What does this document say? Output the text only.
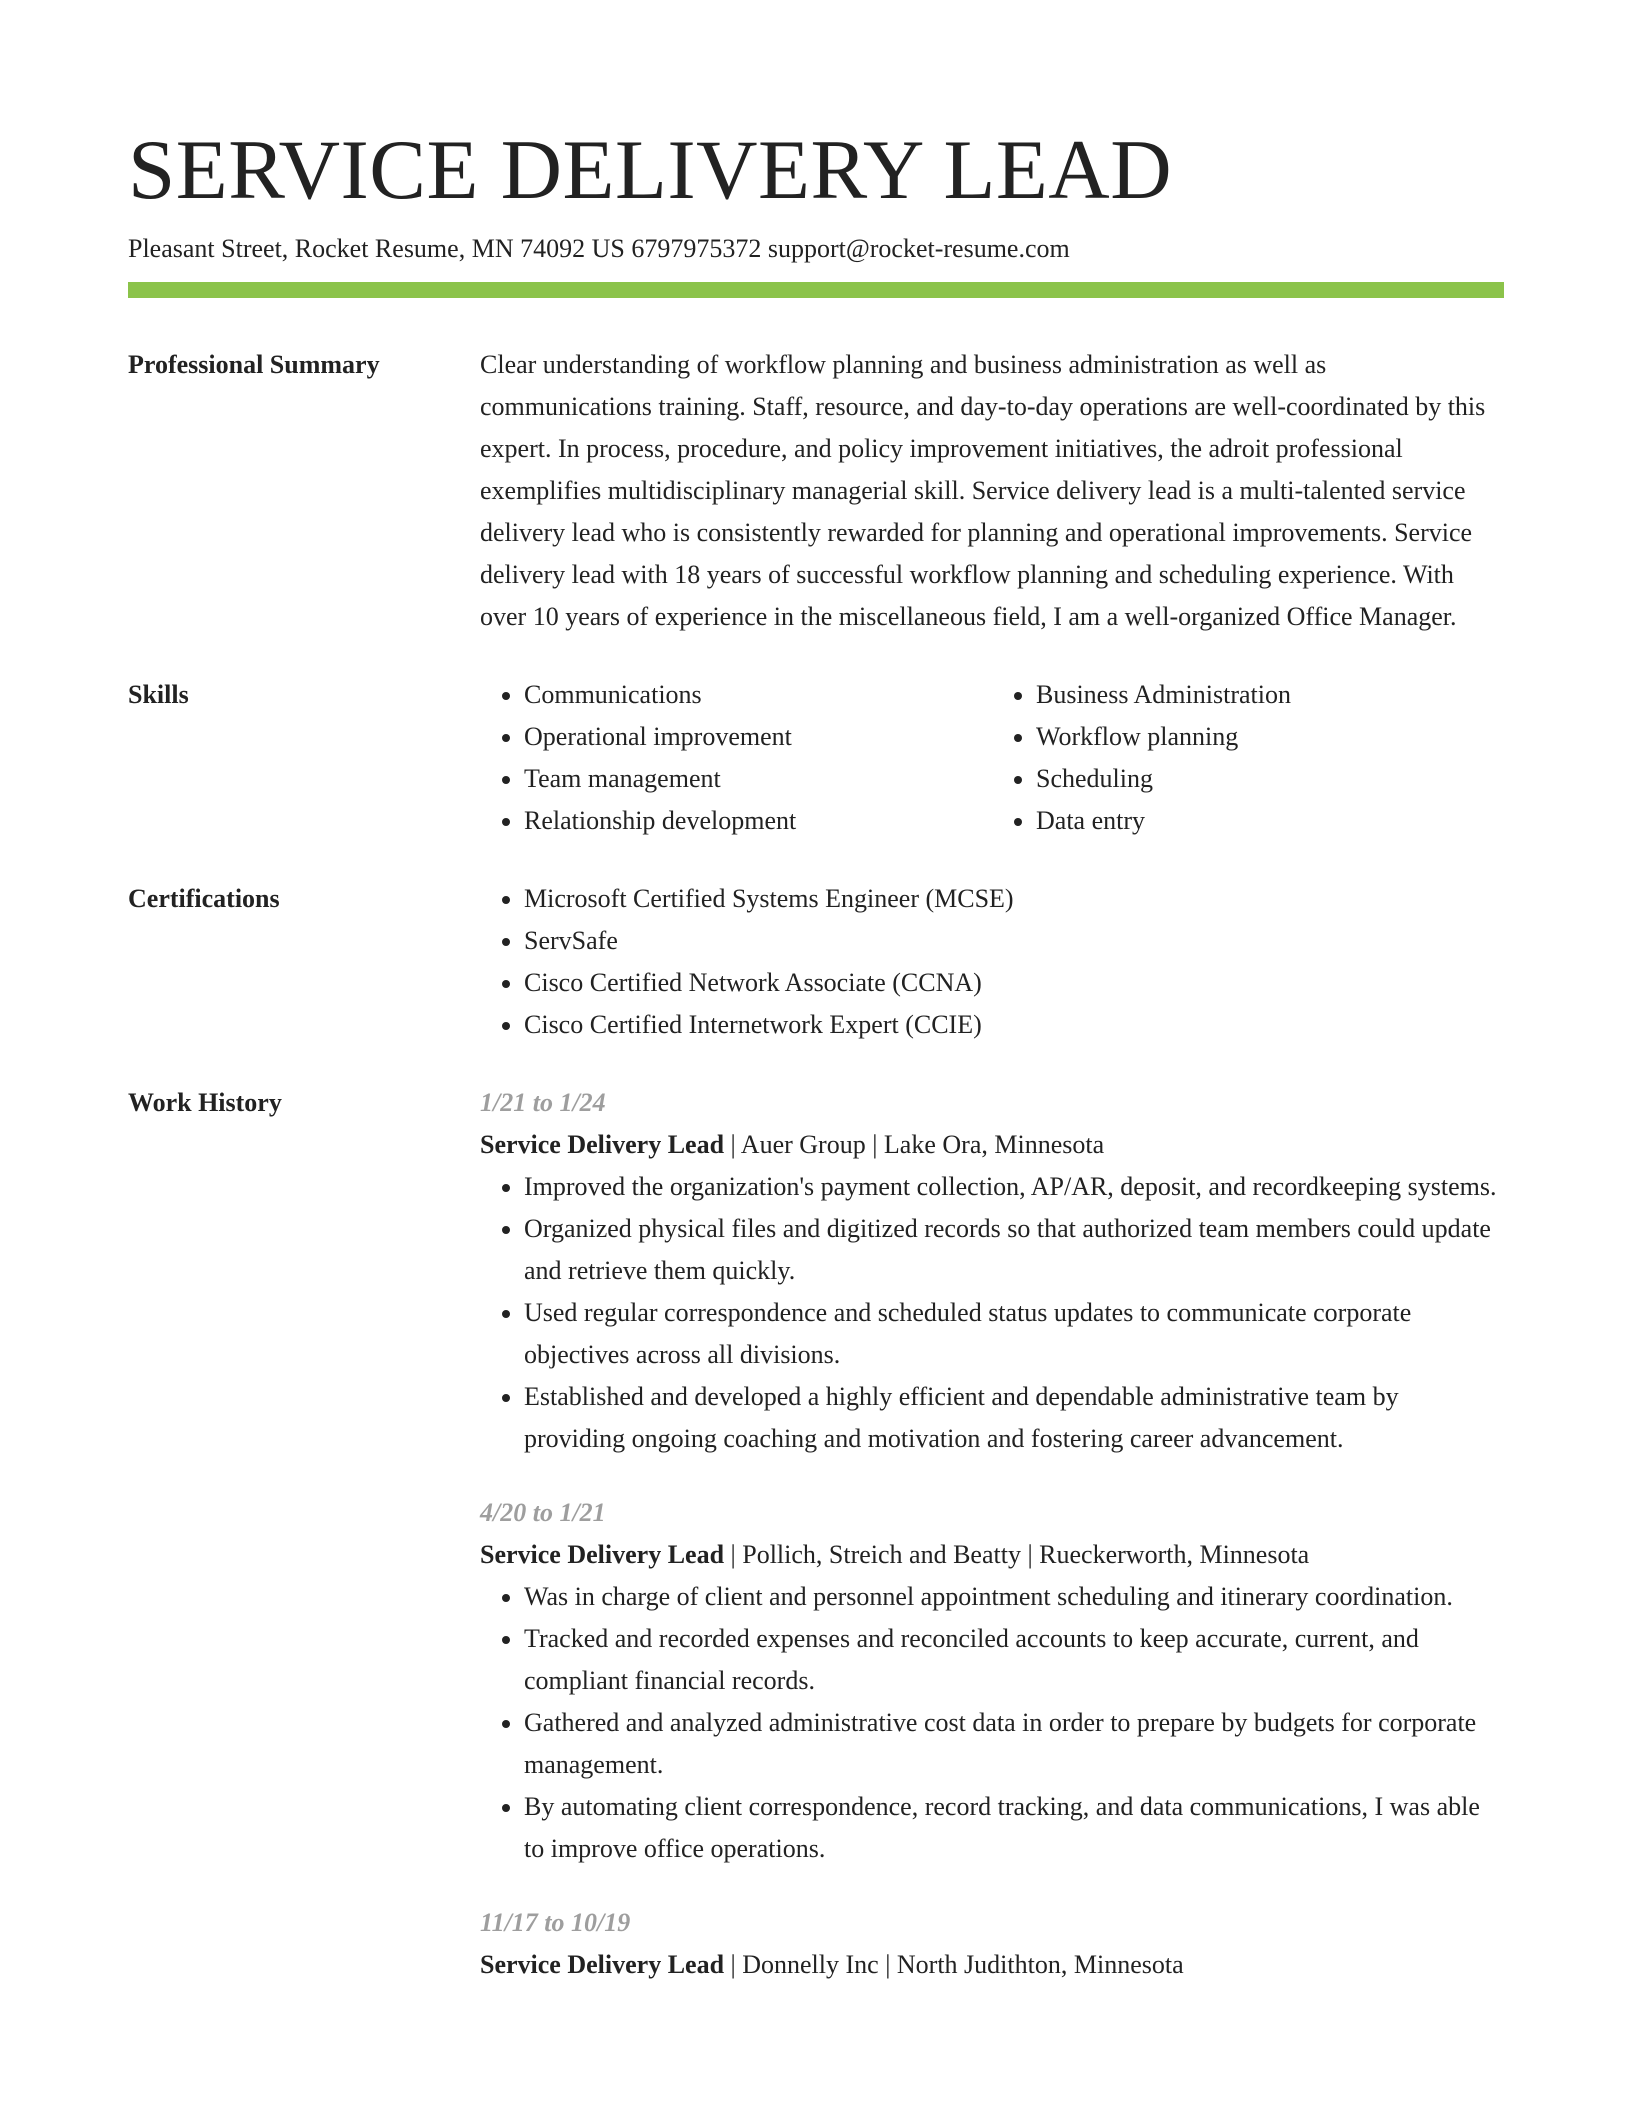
SERVICE DELIVERY LEAD
Pleasant Street, Rocket Resume, MN 74092 US 6797975372 support@rocket-resume.com
Professional Summary	Clear understanding of workflow planning and business administration as well as communications training. Staff, resource, and day-to-day operations are well-coordinated by this expert. In process, procedure, and policy improvement initiatives, the adroit professional exemplifies multidisciplinary managerial skill. Service delivery lead is a multi-talented service delivery lead who is consistently rewarded for planning and operational improvements. Service delivery lead with 18 years of successful workflow planning and scheduling experience. With over 10 years of experience in the miscellaneous field, I am a well-organized Office Manager.

Skills	• Communications
• Operational improvement
• Team management
• Relationship development
• Business Administration
• Workflow planning
• Scheduling
• Data entry
Certifications	• Microsoft Certified Systems Engineer (MCSE)
• ServSafe
• Cisco Certified Network Associate (CCNA)
• Cisco Certified Internetwork Expert (CCIE)
Work History	1/21 to 1/24
Service Delivery Lead | Auer Group | Lake Ora, Minnesota
• Improved the organization's payment collection, AP/AR, deposit, and recordkeeping systems.
• Organized physical files and digitized records so that authorized team members could update and retrieve them quickly.
• Used regular correspondence and scheduled status updates to communicate corporate objectives across all divisions.
• Established and developed a highly efficient and dependable administrative team by providing ongoing coaching and motivation and fostering career advancement.
4/20 to 1/21
Service Delivery Lead | Pollich, Streich and Beatty | Rueckerworth, Minnesota
• Was in charge of client and personnel appointment scheduling and itinerary coordination.
• Tracked and recorded expenses and reconciled accounts to keep accurate, current, and compliant financial records.
• Gathered and analyzed administrative cost data in order to prepare by budgets for corporate management.
• By automating client correspondence, record tracking, and data communications, I was able to improve office operations.
11/17 to 10/19
Service Delivery Lead | Donnelly Inc | North Judithton, Minnesota
